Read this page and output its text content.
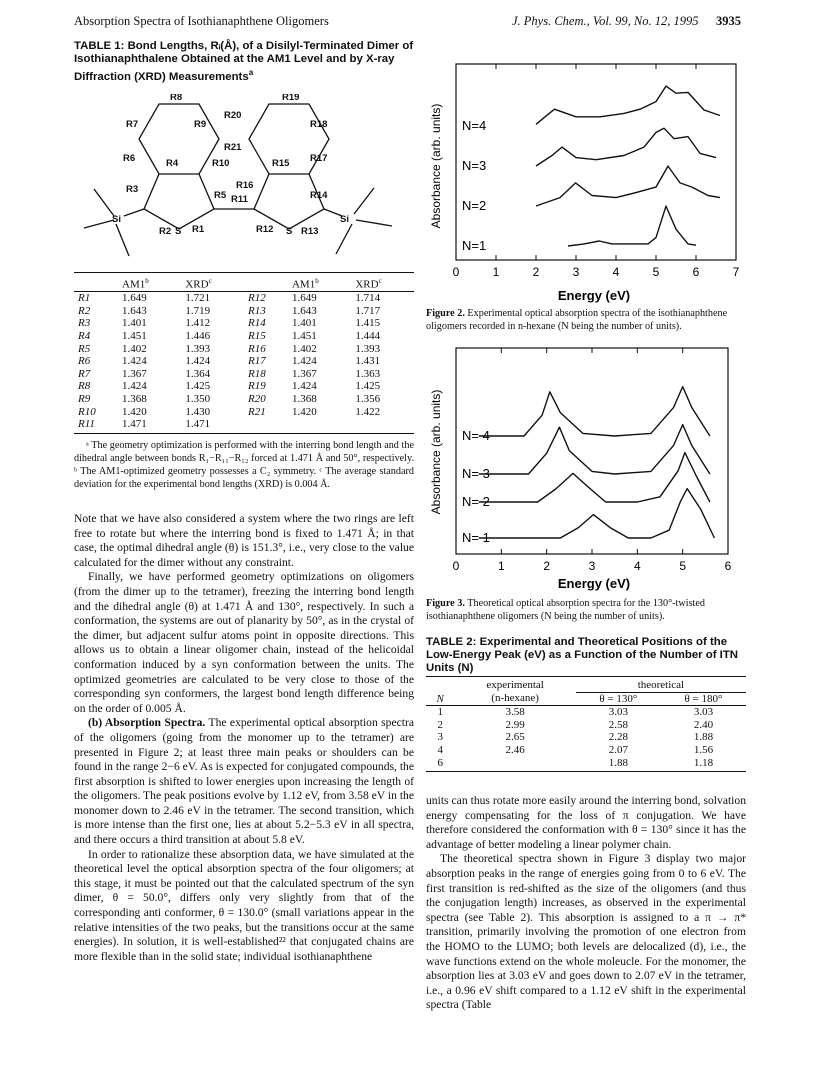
Absorption Spectra of Isothianaphthene Oligomers	J. Phys. Chem., Vol. 99, No. 12, 1995 3935
TABLE 1: Bond Lengths, Rᵢ(Å), of a Disilyl-Terminated Dimer of Isothianaphthalene Obtained at the AM1 Level and by X-ray Diffraction (XRD) Measurements$^a$
R8	R19
R7	R9
R20
R18
R6	R4	R10
R21
R15 R17
R3	R16
R5 R11	R14
Si	Si
R2 S R1	R12 S R13
	AM1$^b$	XRD$^c$		AM1$^b$	XRD$^c$
R1	1.649	1.721	R12	1.649	1.714
R2	1.643	1.719	R13	1.643	1.717
R3	1.401	1.412	R14	1.401	1.415
R4	1.451	1.446	R15	1.451	1.444
R5	1.402	1.393	R16	1.402	1.393
R6	1.424	1.424	R17	1.424	1.431
R7	1.367	1.364	R18	1.367	1.363
R8	1.424	1.425	R19	1.424	1.425
R9	1.368	1.350	R20	1.368	1.356
R10	1.420	1.430	R21	1.420	1.422
R11	1.471	1.471			
ᵃ The geometry optimization is performed with the interring bond length and the dihedral angle between bonds R₁−R₁₁−R₁₂ forced at 1.471 Å and 50°, respectively. ᵇ The AM1-optimized geometry possesses a C₂ symmetry. ᶜ The average standard deviation for the experimental bond lengths (XRD) is 0.004 Å.

Note that we have also considered a system where the two rings are left free to rotate but where the interring bond is fixed to 1.471 Å; in that case, the optimal dihedral angle (θ) is 151.3°, i.e., very close to the value calculated for the dimer without any constraint.

Finally, we have performed geometry optimizations on oligomers (from the dimer up to the tetramer), freezing the interring bond length and the dihedral angle (θ) at 1.471 Å and 130°, respectively. In such a conformation, the systems are out of planarity by 50°, as in the crystal of the dimer, but adjacent sulfur atoms point in opposite directions. This allows us to obtain a linear oligomer chain, instead of the helicoidal conformation induced by a syn conformation between the units. The optimized geometries are calculated to be very close to those of the corresponding syn conformers, the largest bond length difference being on the order of 0.005 Å.

(b) Absorption Spectra. The experimental optical absorption spectra of the oligomers (going from the monomer up to the tetramer) are presented in Figure 2; at least three main peaks or shoulders can be found in the range 2−6 eV. As is expected for conjugated compounds, the first absorption is shifted to lower energies upon increasing the length of the oligomers. The peak positions evolve by 1.12 eV, from 3.58 eV in the monomer down to 2.46 eV in the tetramer. The second transition, which is more intense than the first one, lies at about 5.2−5.3 eV in all spectra, and there occurs a third transition at about 5.8 eV.

In order to rationalize these absorption data, we have simulated at the theoretical level the optical absorption spectra of the four oligomers; at this stage, it must be pointed out that the calculated spectrum of the syn dimer, θ = 50.0°, differs only very slightly from that of the corresponding anti conformer, θ = 130.0° (small variations appear in the relative intensities of the two peaks, but the transitions occur at the same energies). In solution, it is well-established²² that conjugated chains are more flexible than in the solid state; individual isothianaphthene

Absorbance (arb. units)
Energy (eV)
0	1	2	3	4	5	6	7
N=4
N=3
N=2
N=1
Figure 2. Experimental optical absorption spectra of the isothianaphthene oligomers recorded in n-hexane (N being the number of units).
Absorbance (arb. units)
Energy (eV)
0	1	2	3	4	5	6
N= 4
N= 3
N= 2
N= 1
Figure 3. Theoretical optical absorption spectra for the 130°-twisted isothianaphthene oligomers (N being the number of units).
TABLE 2: Experimental and Theoretical Positions of the Low-Energy Peak (eV) as a Function of the Number of ITN Units (N)
N	experimental	theoretical	
	(n-hexane)	θ = 130°	θ = 180°
1	3.58	3.03	3.03
2	2.99	2.58	2.40
3	2.65	2.28	1.88
4	2.46	2.07	1.56
6		1.88	1.18

units can thus rotate more easily around the interring bond, solvation energy compensating for the loss of π conjugation. We have therefore considered the conformation with θ = 130° since it has the advantage of better modeling a linear polymer chain.

The theoretical spectra shown in Figure 3 display two major absorption peaks in the range of energies going from 0 to 6 eV. The first transition is red-shifted as the size of the oligomers (and thus the conjugation length) increases, as observed in the experimental spectra (see Table 2). This absorption is assigned to a π → π* transition, primarily involving the promotion of one electron from the HOMO to the LUMO; both levels are delocalized (d), i.e., the wave functions extend on the whole moleucle. For the monomer, the absorption lies at 3.03 eV and goes down to 2.07 eV in the tetramer, i.e., a 0.96 eV shift compared to a 1.12 eV shift in the experimental spectra (Table
